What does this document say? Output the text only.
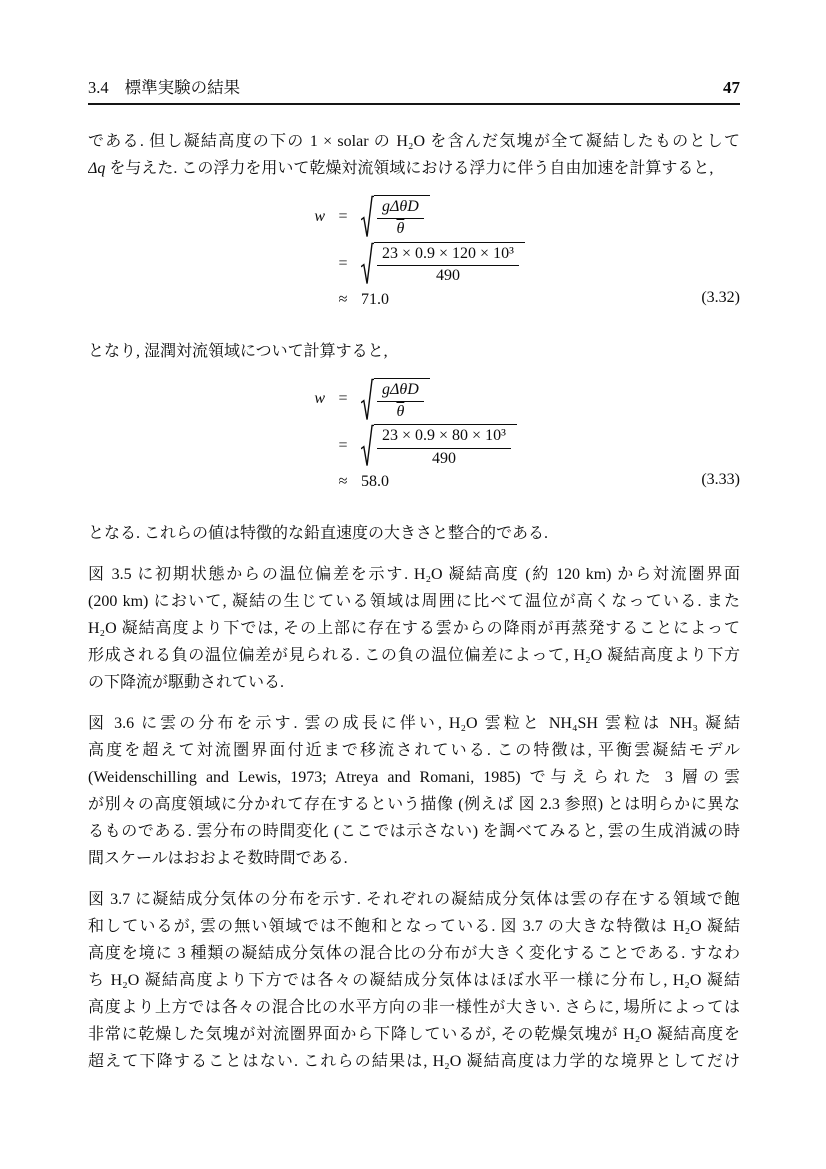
3.4 標準実験の結果	47
である. 但し凝結高度の下の 1 × solar の H₂O を含んだ気塊が全て凝結したものとして
Δq を与えた. この浮力を用いて乾燥対流領域における浮力に伴う自由加速を計算すると,
w =	$\frac{\text{gΔθD}}{\theta}$
=	$\frac{\text{23 × 0.9 × 120 × 10³}}{490}$
≈ 71.0	(3.32)
となり, 湿潤対流領域について計算すると,
w =	$\frac{\text{gΔθD}}{\theta}$
=	$\frac{\text{23 × 0.9 × 80 × 10³}}{490}$
≈ 58.0	(3.33)
となる. これらの値は特徴的な鉛直速度の大きさと整合的である.
図 3.5 に初期状態からの温位偏差を示す. H₂O 凝結高度 (約 120 km) から対流圏界面
(200 km) において, 凝結の生じている領域は周囲に比べて温位が高くなっている. また
H₂O 凝結高度より下では, その上部に存在する雲からの降雨が再蒸発することによって
形成される負の温位偏差が見られる. この負の温位偏差によって, H₂O 凝結高度より下方
の下降流が駆動されている.
図 3.6 に雲の分布を示す. 雲の成長に伴い, H₂O 雲粒と NH₄SH 雲粒は NH₃ 凝結
高度を超えて対流圏界面付近まで移流されている. この特徴は, 平衡雲凝結モデル
(Weidenschilling and Lewis, 1973; Atreya and Romani, 1985) で与えられた 3 層の雲
が別々の高度領域に分かれて存在するという描像 (例えば 図 2.3 参照) とは明らかに異な
るものである. 雲分布の時間変化 (ここでは示さない) を調べてみると, 雲の生成消滅の時
間スケールはおおよそ数時間である.
図 3.7 に凝結成分気体の分布を示す. それぞれの凝結成分気体は雲の存在する領域で飽
和しているが, 雲の無い領域では不飽和となっている. 図 3.7 の大きな特徴は H₂O 凝結
高度を境に 3 種類の凝結成分気体の混合比の分布が大きく変化することである. すなわ
ち H₂O 凝結高度より下方では各々の凝結成分気体はほぼ水平一様に分布し, H₂O 凝結
高度より上方では各々の混合比の水平方向の非一様性が大きい. さらに, 場所によっては
非常に乾燥した気塊が対流圏界面から下降しているが, その乾燥気塊が H₂O 凝結高度を
超えて下降することはない. これらの結果は, H₂O 凝結高度は力学的な境界としてだけ
